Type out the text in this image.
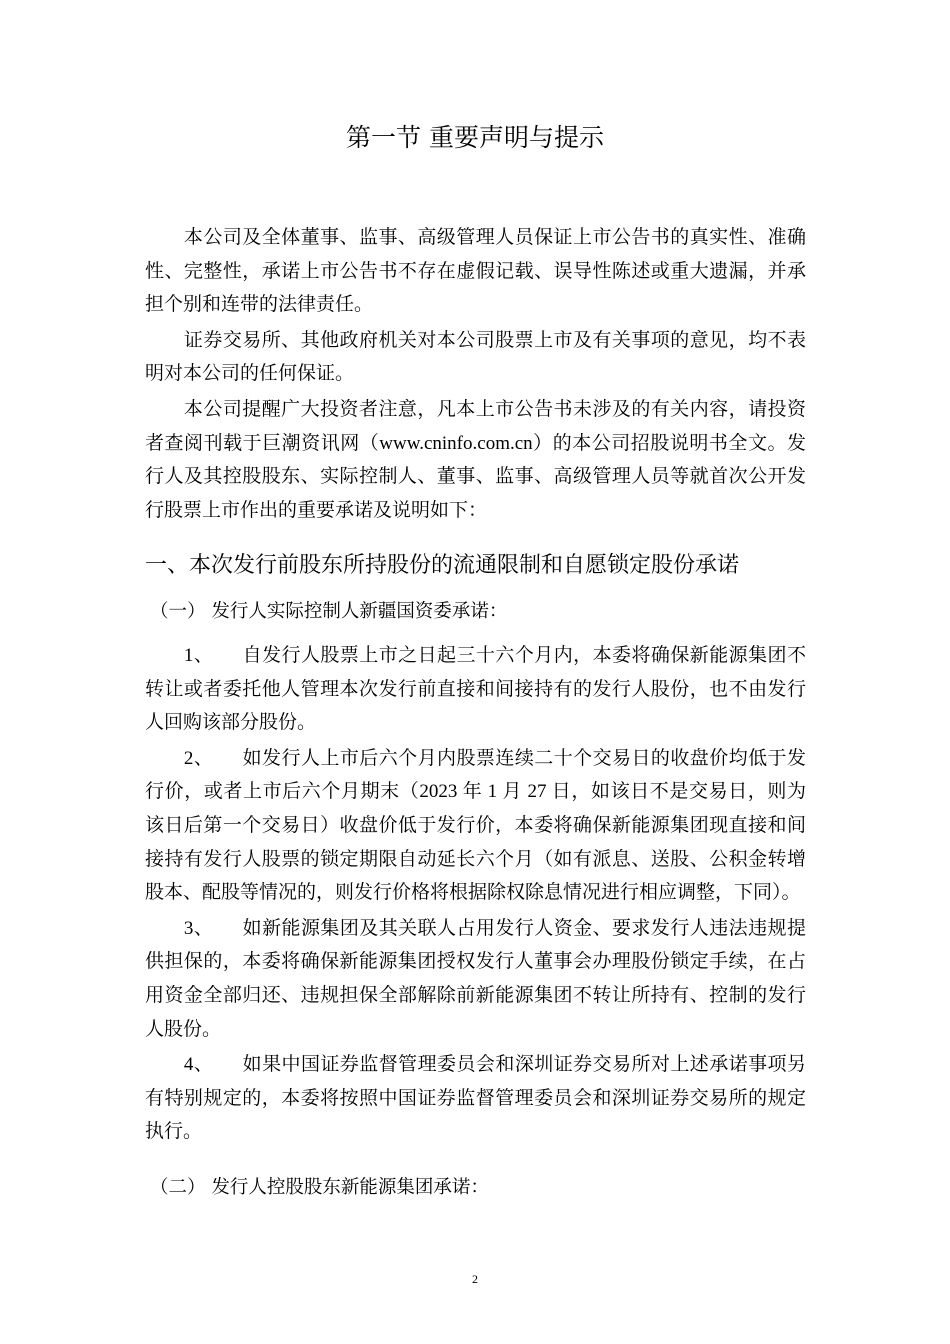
第一节 重要声明与提示
　　本公司及全体董事、监事、高级管理人员保证上市公告书的真实性、准确
性、完整性，承诺上市公告书不存在虚假记载、误导性陈述或重大遗漏，并承
担个别和连带的法律责任。
　　证券交易所、其他政府机关对本公司股票上市及有关事项的意见，均不表
明对本公司的任何保证。
　　本公司提醒广大投资者注意，凡本上市公告书未涉及的有关内容，请投资
者查阅刊载于巨潮资讯网（www.cninfo.com.cn）的本公司招股说明书全文。发
行人及其控股股东、实际控制人、董事、监事、高级管理人员等就首次公开发
行股票上市作出的重要承诺及说明如下：
一、本次发行前股东所持股份的流通限制和自愿锁定股份承诺
（一） 发行人实际控制人新疆国资委承诺：
　　1、　　自发行人股票上市之日起三十六个月内，本委将确保新能源集团不
转让或者委托他人管理本次发行前直接和间接持有的发行人股份，也不由发行
人回购该部分股份。
　　2、　　如发行人上市后六个月内股票连续二十个交易日的收盘价均低于发
行价，或者上市后六个月期末（2023 年 1 月 27 日，如该日不是交易日，则为
该日后第一个交易日）收盘价低于发行价，本委将确保新能源集团现直接和间
接持有发行人股票的锁定期限自动延长六个月（如有派息、送股、公积金转增
股本、配股等情况的，则发行价格将根据除权除息情况进行相应调整，下同）。
　　3、　　如新能源集团及其关联人占用发行人资金、要求发行人违法违规提
供担保的，本委将确保新能源集团授权发行人董事会办理股份锁定手续，在占
用资金全部归还、违规担保全部解除前新能源集团不转让所持有、控制的发行
人股份。
　　4、　　如果中国证券监督管理委员会和深圳证券交易所对上述承诺事项另
有特别规定的，本委将按照中国证券监督管理委员会和深圳证券交易所的规定
执行。
（二） 发行人控股股东新能源集团承诺：
2
